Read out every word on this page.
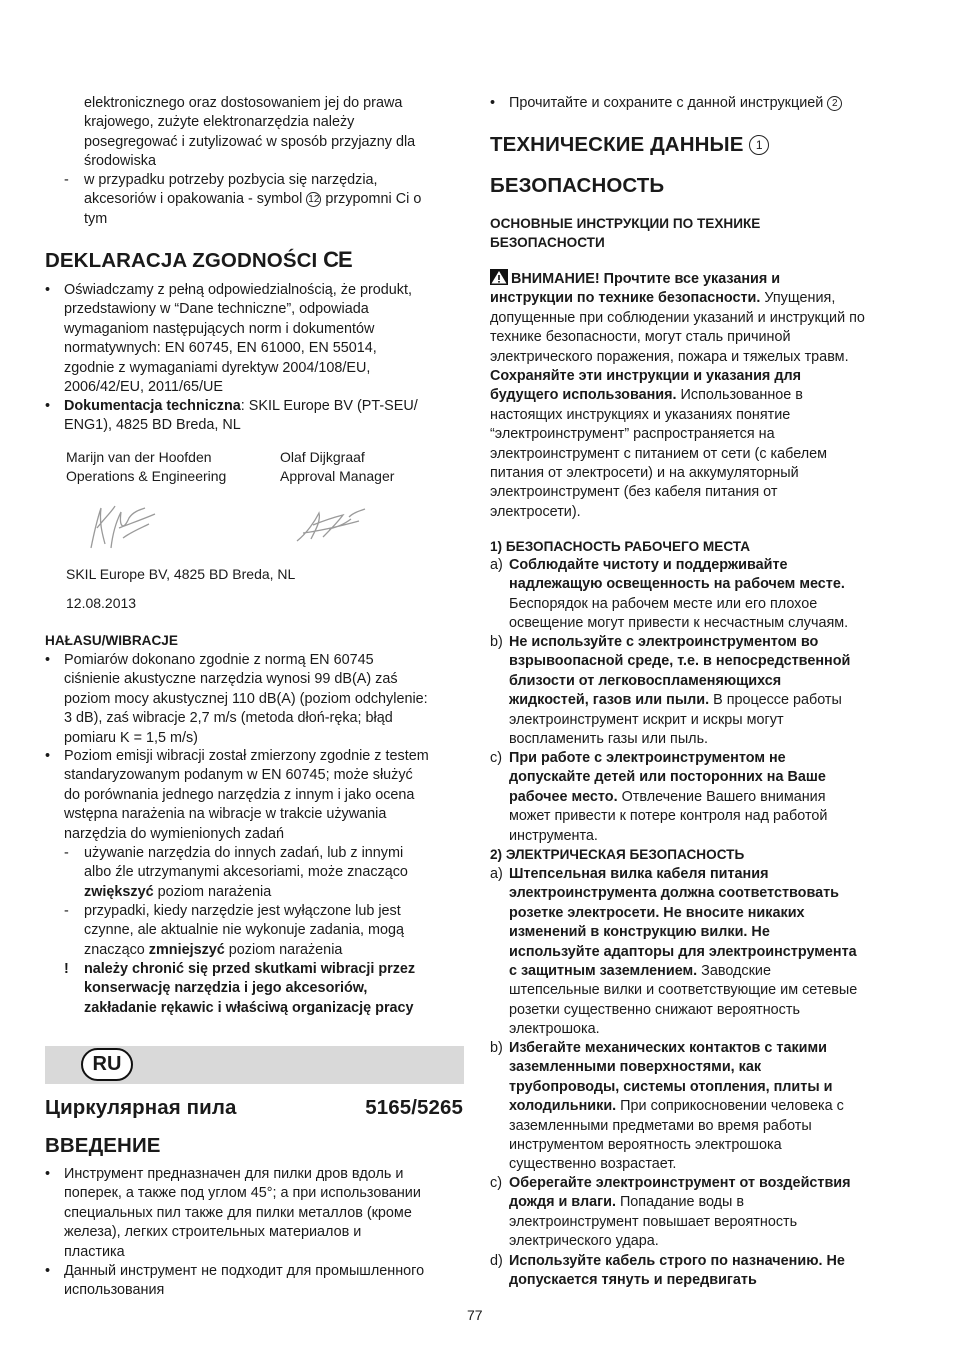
elektronicznego oraz dostosowaniem jej do prawa
krajowego, zużyte elektronarzędzia należy
posegregować i zutylizować w sposób przyjazny dla
środowiska

- w przypadku potrzeby pozbycia się narzędzia,
akcesoriów i opakowania - symbol 12 przypomni Ci o
tym

DEKLARACJA ZGODNOŚCI CE
• Oświadczamy z pełną odpowiedzialnością, że produkt,
przedstawiony w “Dane techniczne”, odpowiada
wymaganiom następujących norm i dokumentów
normatywnych: EN 60745, EN 61000, EN 55014,
zgodnie z wymaganiami dyrektyw 2004/108/EU,
2006/42/EU, 2011/65/UE

• Dokumentacja techniczna: SKIL Europe BV (PT-SEU/
ENG1), 4825 BD Breda, NL

Marijn van der Hoofden
Operations & Engineering
Olaf Dijkgraaf
Approval Manager

SKIL Europe BV, 4825 BD Breda, NL

12.08.2013

HAŁASU/WIBRACJE
• Pomiarów dokonano zgodnie z normą EN 60745
ciśnienie akustyczne narzędzia wynosi 99 dB(A) zaś
poziom mocy akustycznej 110 dB(A) (poziom odchylenie:
3 dB), zaś wibracje 2,7 m/s (metoda dłoń-ręka; błąd
pomiaru K = 1,5 m/s)

• Poziom emisji wibracji został zmierzony zgodnie z testem
standaryzowanym podanym w EN 60745; może służyć
do porównania jednego narzędzia z innym i jako ocena
wstępna narażenia na wibracje w trakcie używania
narzędzia do wymienionych zadań

- używanie narzędzia do innych zadań, lub z innymi
albo źle utrzymanymi akcesoriami, może znacząco
zwiększyć poziom narażenia

- przypadki, kiedy narzędzie jest wyłączone lub jest
czynne, ale aktualnie nie wykonuje zadania, mogą
znacząco zmniejszyć poziom narażenia

! należy chronić się przed skutkami wibracji przez
konserwację narzędzia i jego akcesoriów,
zakładanie rękawic i właściwą organizację pracy

RU
Циркулярная пила	5165/5265
ВВЕДЕНИЕ
• Инструмент предназначен для пилки дров вдоль и
поперек, а также под углом 45°; а при использовании
специальных пил также для пилки металлов (кроме
железа), легких строительных материалов и
пластика

• Данный инструмент не подходит для промышленного
использования

• Прочитайте и сохраните с данной инструкцией 2

ТЕХНИЧЕСКИЕ ДАННЫЕ 1
БЕЗОПАСНОСТЬ

ОСНОВНЫЕ ИНСТРУКЦИИ ПО ТЕХНИКЕ
БЕЗОПАСНОСТИ

ВНИМАНИЕ! Прочтите все указания и
инструкции по технике безопасности. Упущения,
допущенные при соблюдении указаний и инструкций по
технике безопасности, могут сталь причиной
электрического поражения, пожара и тяжелых травм.
Сохраняйте эти инструкции и указания для
будущего использования. Использованное в
настоящих инструкциях и указаниях понятие
“электроинструмент” распространяется на
электроинструмент с питанием от сети (с кабелем
питания от электросети) и на аккумуляторный
электроинструмент (без кабеля питания от
электросети).

1) БЕЗОПАСНОСТЬ РАБОЧЕГО МЕСТА
a) Соблюдайте чистоту и поддерживайте
надлежащую освещенность на рабочем месте.
Беспорядок на рабочем месте или его плохое
освещение могут привести к несчастным случаям.

b) Не используйте с электроинструментом во
взрывоопасной среде, т.е. в непосредственной
близости от легковоспламеняющихся
жидкостей, газов или пыли. В процессе работы
электроинструмент искрит и искры могут
воспламенить газы или пыль.

c) При работе с электроинструментом не
допускайте детей или посторонних на Ваше
рабочее место. Отвлечение Вашего внимания
может привести к потере контроля над работой
инструмента.

2) ЭЛЕКТРИЧЕСКАЯ БЕЗОПАСНОСТЬ
a) Штепсельная вилка кабеля питания
электроинструмента должна соответствовать
розетке электросети. Не вносите никаких
изменений в конструкцию вилки. Не
используйте адапторы для электроинструмента
с защитным заземлением. Заводские
штепсельные вилки и соответствующие им сетевые
розетки существенно снижают вероятность
электрошока.

b) Избегайте механических контактов с такими
заземленными поверхностями, как
трубопроводы, системы отопления, плиты и
холодильники. При соприкосновении человека с
заземленными предметами во время работы
инструментом вероятность электрошока
существенно возрастает.

c) Оберегайте электроинструмент от воздействия
дождя и влаги. Попадание воды в
электроинструмент повышает вероятность
электрического удара.

d) Используйте кабель строго по назначению. Не
допускается тянуть и передвигать

77
